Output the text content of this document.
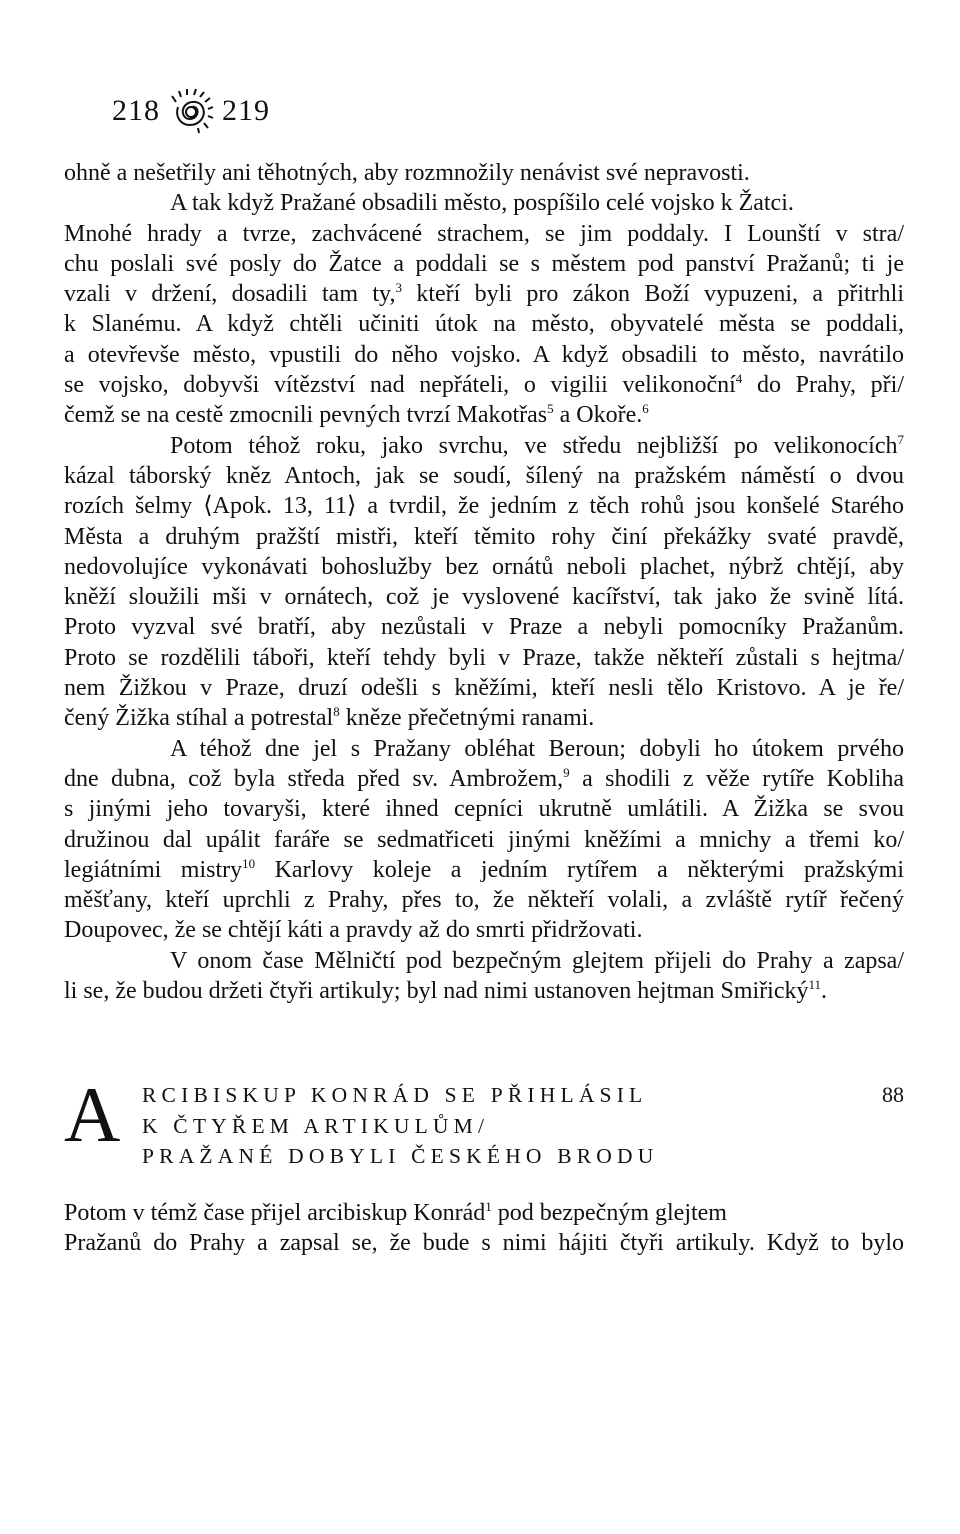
218 219
ohně a nešetřily ani těhotných, aby rozmnožily nenávist své nepravosti.
A tak když Pražané obsadili město, pospíšilo celé vojsko k Žatci.
Mnohé hrady a tvrze, zachvácené strachem, se jim poddaly. I Lounští v stra/
chu poslali své posly do Žatce a poddali se s městem pod panství Pražanů; ti je
vzali v držení, dosadili tam ty,$^3$ kteří byli pro zákon Boží vypuzeni, a přitrhli
k Slanému. A když chtěli učiniti útok na město, obyvatelé města se poddali,
a otevřevše město, vpustili do něho vojsko. A když obsadili to město, navrátilo
se vojsko, dobyvši vítězství nad nepřáteli, o vigilii velikonoční$^4$ do Prahy, při/
čemž se na cestě zmocnili pevných tvrzí Makotřas$^5$ a Okoře.$^6$
Potom téhož roku, jako svrchu, ve středu nejbližší po velikonocích$^7$
kázal táborský kněz Antoch, jak se soudí, šílený na pražském náměstí o dvou
rozích šelmy ⟨Apok. 13, 11⟩ a tvrdil, že jedním z těch rohů jsou konšelé Starého
Města a druhým pražští mistři, kteří těmito rohy činí překážky svaté pravdě,
nedovolujíce vykonávati bohoslužby bez ornátů neboli plachet, nýbrž chtějí, aby
kněží sloužili mši v ornátech, což je vyslovené kacířství, tak jako že svině lítá.
Proto vyzval své bratří, aby nezůstali v Praze a nebyli pomocníky Pražanům.
Proto se rozdělili tábořі, kteří tehdy byli v Praze, takže někteří zůstali s hejtma/
nem Žižkou v Praze, druzí odešli s kněžími, kteří nesli tělo Kristovo. A je ře/
čený Žižka stíhal a potrestal$^8$ kněze přečetnými ranami.
A téhož dne jel s Pražany obléhat Beroun; dobyli ho útokem prvého
dne dubna, což byla středa před sv. Ambrožem,$^9$ a shodili z věže rytíře Kobliha
s jinými jeho tovaryši, které ihned cepníci ukrutně umlátili. A Žižka se svou
družinou dal upálit faráře se sedmatřiceti jinými kněžími a mnichy a třemi ko/
legiátními mistry$^{10}$ Karlovy koleje a jedním rytířem a některými pražskými
měšťany, kteří uprchli z Prahy, přes to, že někteří volali, a zvláště rytíř řečený
Doupovec, že se chtějí káti a pravdy až do smrti přidržovati.
V onom čase Mělničtí pod bezpečným glejtem přijeli do Prahy a zapsa/
li se, že budou držeti čtyři artikuly; byl nad nimi ustanoven hejtman Smiřický$^{11}$.
A RCIBISKUP KONRÁD SE PŘIHLÁSIL
K ČTYŘEM ARTIKULŮM/
PRAŽANÉ DOBYLI ČESKÉHO BRODU
88
Potom v témž čase přijel arcibiskup Konrád$^1$ pod bezpečným glejtem
Pražanů do Prahy a zapsal se, že bude s nimi hájiti čtyři artikuly. Když to bylo
